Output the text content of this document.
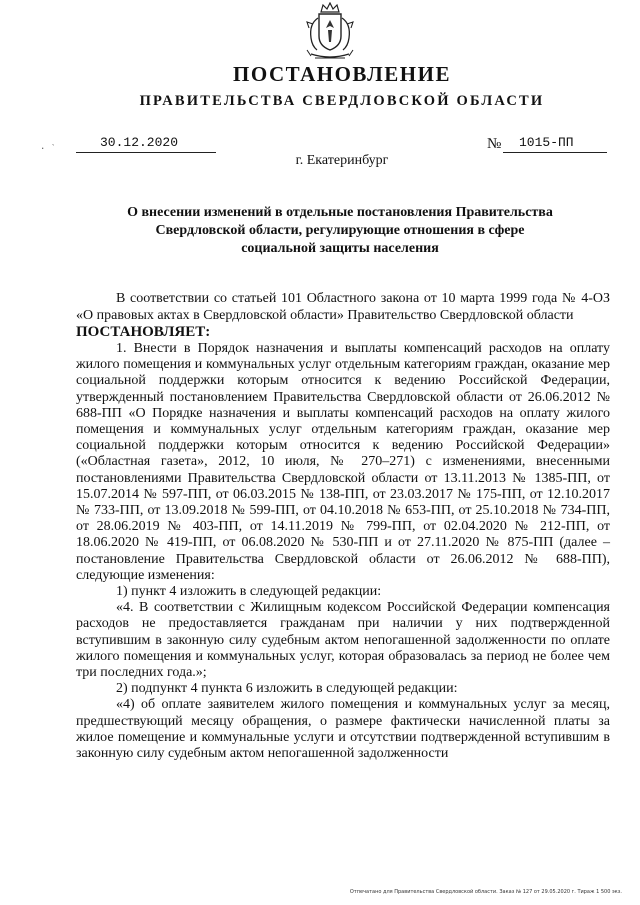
ПОСТАНОВЛЕНИЕ
ПРАВИТЕЛЬСТВА СВЕРДЛОВСКОЙ ОБЛАСТИ
· ˋ	30.12.2020	№ 1015-ПП
г. Екатеринбург
О внесении изменений в отдельные постановления Правительства Свердловской области, регулирующие отношения в сфере социальной защиты населения

В соответствии со статьей 101 Областного закона от 10 марта 1999 года № 4-ОЗ «О правовых актах в Свердловской области» Правительство Свердловской области

ПОСТАНОВЛЯЕТ:

1. Внести в Порядок назначения и выплаты компенсаций расходов на оплату жилого помещения и коммунальных услуг отдельным категориям граждан, оказание мер социальной поддержки которым относится к ведению Российской Федерации, утвержденный постановлением Правительства Свердловской области от 26.06.2012 № 688-ПП «О Порядке назначения и выплаты компенсаций расходов на оплату жилого помещения и коммунальных услуг отдельным категориям граждан, оказание мер социальной поддержки которым относится к ведению Российской Федерации» («Областная газета», 2012, 10 июля, № 270–271) с изменениями, внесенными постановлениями Правительства Свердловской области от 13.11.2013 № 1385-ПП, от 15.07.2014 № 597-ПП, от 06.03.2015 № 138-ПП, от 23.03.2017 № 175-ПП, от 12.10.2017 № 733-ПП, от 13.09.2018 № 599-ПП, от 04.10.2018 № 653-ПП, от 25.10.2018 № 734-ПП, от 28.06.2019 № 403-ПП, от 14.11.2019 № 799-ПП, от 02.04.2020 № 212-ПП, от 18.06.2020 № 419-ПП, от 06.08.2020 № 530-ПП и от 27.11.2020 № 875-ПП (далее – постановление Правительства Свердловской области от 26.06.2012 № 688-ПП), следующие изменения:

1) пункт 4 изложить в следующей редакции:

«4. В соответствии с Жилищным кодексом Российской Федерации компенсация расходов не предоставляется гражданам при наличии у них подтвержденной вступившим в законную силу судебным актом непогашенной задолженности по оплате жилого помещения и коммунальных услуг, которая образовалась за период не более чем три последних года.»;

2) подпункт 4 пункта 6 изложить в следующей редакции:

«4) об оплате заявителем жилого помещения и коммунальных услуг за месяц, предшествующий месяцу обращения, о размере фактически начисленной платы за жилое помещение и коммунальные услуги и отсутствии подтвержденной вступившим в законную силу судебным актом непогашенной задолженности

Отпечатано для Правительства Свердловской области. Заказ № 127 от 29.05.2020 г. Тираж 1 500 экз.
